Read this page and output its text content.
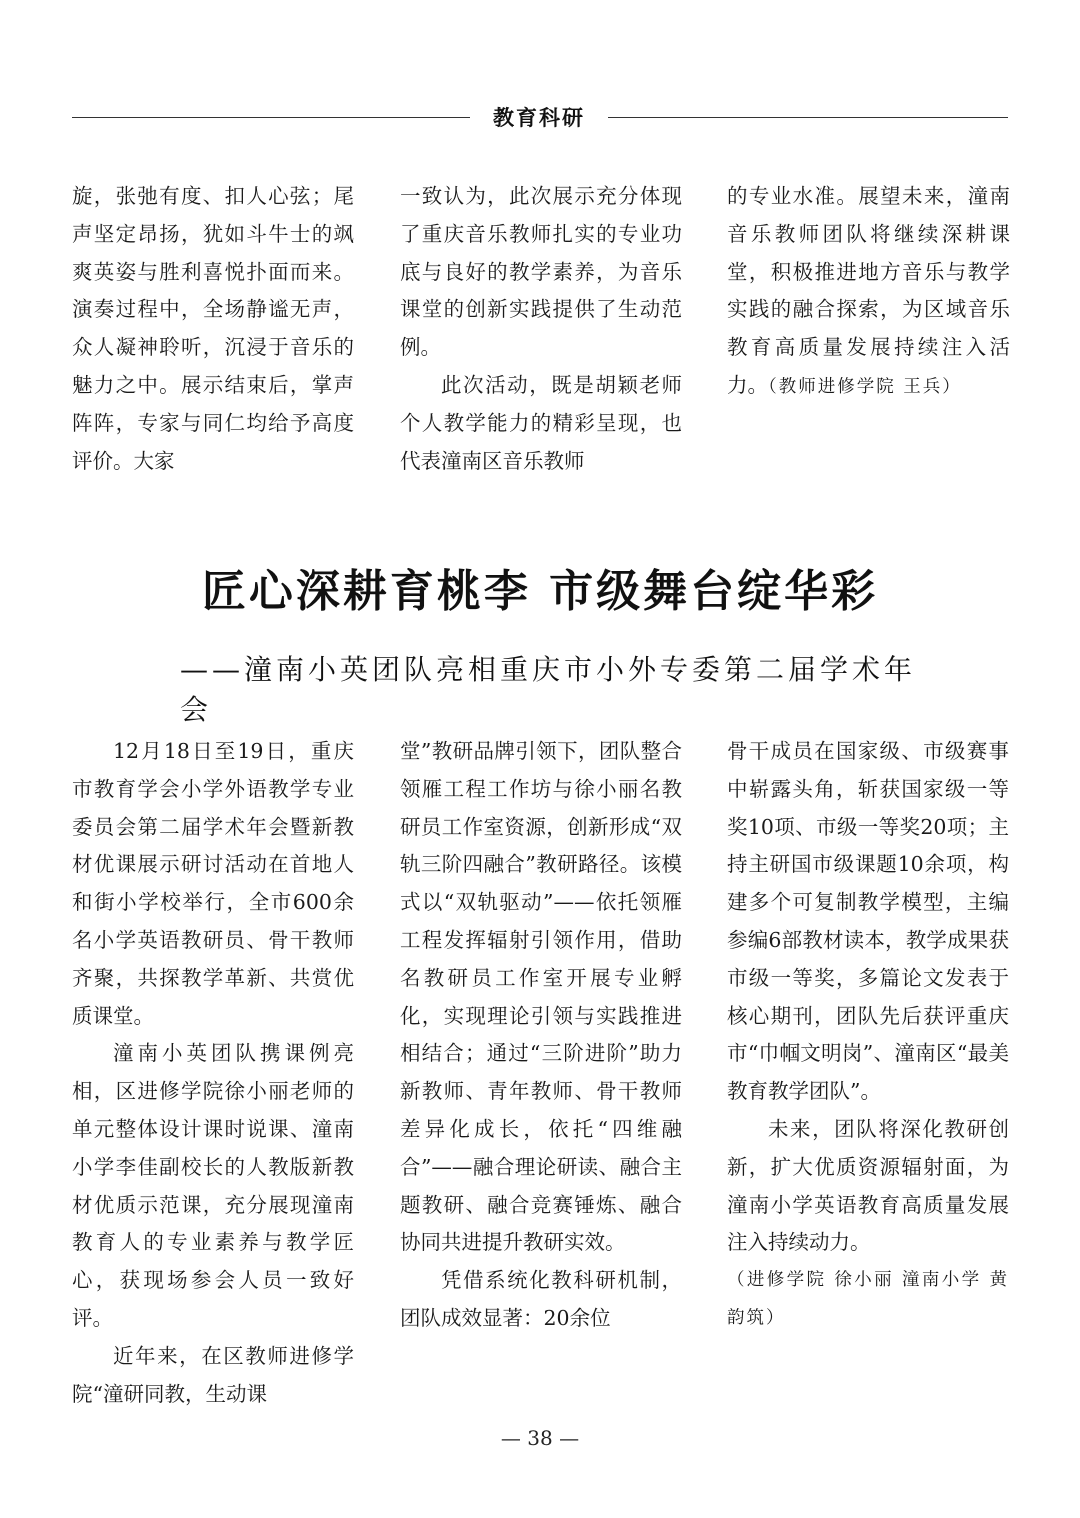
教育科研

旋，张弛有度、扣人心弦；尾声坚定昂扬，犹如斗牛士的飒爽英姿与胜利喜悦扑面而来。演奏过程中，全场静谧无声，众人凝神聆听，沉浸于音乐的魅力之中。展示结束后，掌声阵阵，专家与同仁均给予高度评价。大家

一致认为，此次展示充分体现了重庆音乐教师扎实的专业功底与良好的教学素养，为音乐课堂的创新实践提供了生动范例。

此次活动，既是胡颖老师个人教学能力的精彩呈现，也代表潼南区音乐教师

的专业水准。展望未来，潼南音乐教师团队将继续深耕课堂，积极推进地方音乐与教学实践的融合探索，为区域音乐教育高质量发展持续注入活力。（教师进修学院 王兵）

匠心深耕育桃李 市级舞台绽华彩
——潼南小英团队亮相重庆市小外专委第二届学术年会

12月18日至19日，重庆市教育学会小学外语教学专业委员会第二届学术年会暨新教材优课展示研讨活动在首地人和街小学校举行，全市600余名小学英语教研员、骨干教师齐聚，共探教学革新、共赏优质课堂。

潼南小英团队携课例亮相，区进修学院徐小丽老师的单元整体设计课时说课、潼南小学李佳副校长的人教版新教材优质示范课，充分展现潼南教育人的专业素养与教学匠心，获现场参会人员一致好评。

近年来，在区教师进修学院“潼研同教，生动课

堂”教研品牌引领下，团队整合领雁工程工作坊与徐小丽名教研员工作室资源，创新形成“双轨三阶四融合”教研路径。该模式以“双轨驱动”——依托领雁工程发挥辐射引领作用，借助名教研员工作室开展专业孵化，实现理论引领与实践推进相结合；通过“三阶进阶”助力新教师、青年教师、骨干教师差异化成长，依托“四维融合”——融合理论研读、融合主题教研、融合竞赛锤炼、融合协同共进提升教研实效。

凭借系统化教科研机制，团队成效显著：20余位

骨干成员在国家级、市级赛事中崭露头角，斩获国家级一等奖10项、市级一等奖20项；主持主研国市级课题10余项，构建多个可复制教学模型，主编参编6部教材读本，教学成果获市级一等奖，多篇论文发表于核心期刊，团队先后获评重庆市“巾帼文明岗”、潼南区“最美教育教学团队”。

未来，团队将深化教研创新，扩大优质资源辐射面，为潼南小学英语教育高质量发展注入持续动力。

（进修学院 徐小丽 潼南小学 黄韵筑）

— 38 —
